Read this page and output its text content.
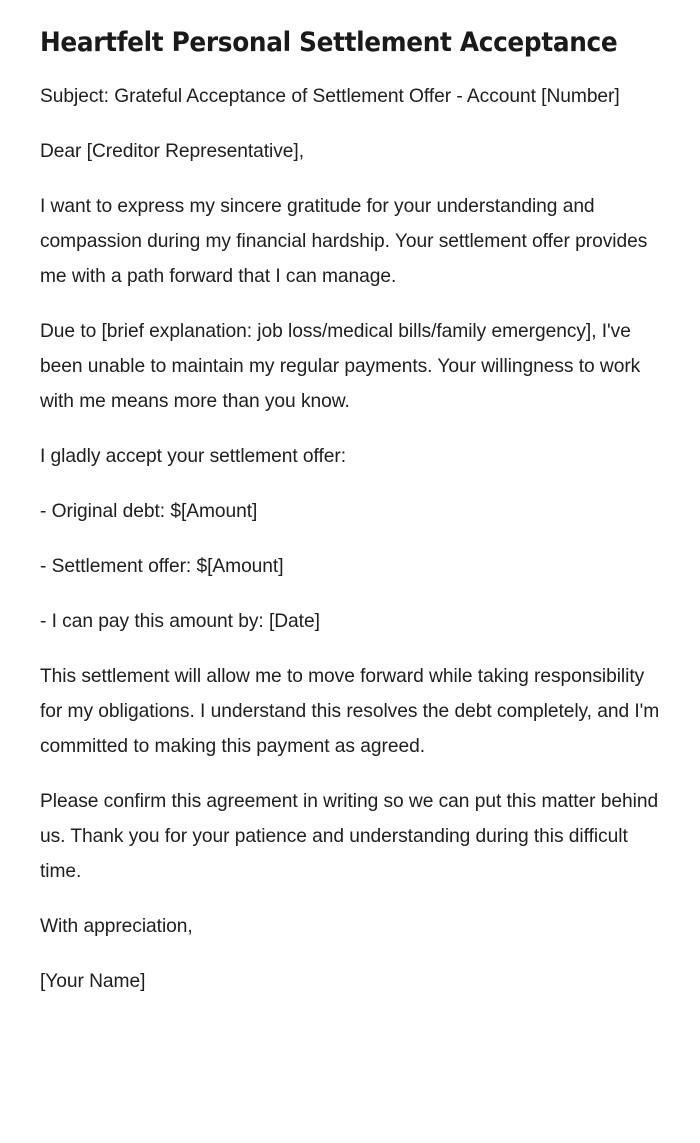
Heartfelt Personal Settlement Acceptance

Subject: Grateful Acceptance of Settlement Offer - Account [Number]

Dear [Creditor Representative],

I want to express my sincere gratitude for your understanding and compassion during my financial hardship. Your settlement offer provides me with a path forward that I can manage.

Due to [brief explanation: job loss/medical bills/family emergency], I've been unable to maintain my regular payments. Your willingness to work with me means more than you know.

I gladly accept your settlement offer:

- Original debt: $[Amount]

- Settlement offer: $[Amount]

- I can pay this amount by: [Date]

This settlement will allow me to move forward while taking responsibility for my obligations. I understand this resolves the debt completely, and I'm committed to making this payment as agreed.

Please confirm this agreement in writing so we can put this matter behind us. Thank you for your patience and understanding during this difficult time.

With appreciation,

[Your Name]
